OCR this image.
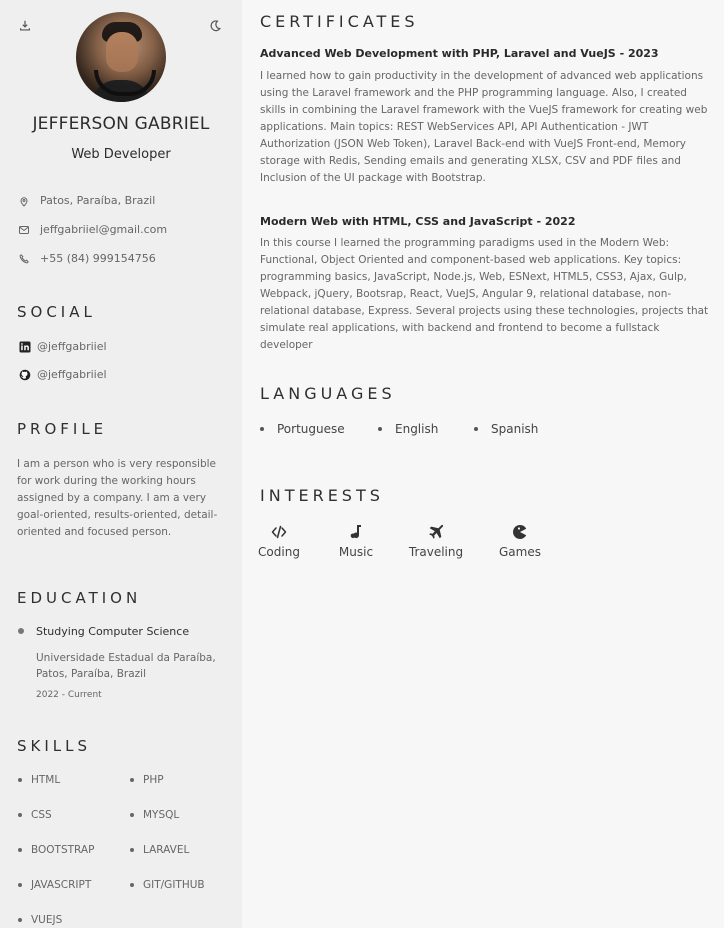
JEFFERSON GABRIEL
Web Developer
Patos, Paraíba, Brazil
jeffgabriiel@gmail.com
+55 (84) 999154756
SOCIAL
@jeffgabriiel
@jeffgabriiel
PROFILE
I am a person who is very responsible for work during the working hours assigned by a company. I am a very goal-oriented, results-oriented, detail-oriented and focused person.
EDUCATION
Studying Computer Science
Universidade Estadual da Paraíba, Patos, Paraíba, Brazil
2022 - Current
SKILLS
HTML	PHP
CSS	MYSQL
BOOTSTRAP	LARAVEL
JAVASCRIPT	GIT/GITHUB
VUEJS
CERTIFICATES
Advanced Web Development with PHP, Laravel and VueJS - 2023
I learned how to gain productivity in the development of advanced web applications using the Laravel framework and the PHP programming language. Also, I created skills in combining the Laravel framework with the VueJS framework for creating web applications. Main topics: REST WebServices API, API Authentication - JWT Authorization (JSON Web Token), Laravel Back-end with VueJS Front-end, Memory storage with Redis, Sending emails and generating XLSX, CSV and PDF files and Inclusion of the UI package with Bootstrap.
Modern Web with HTML, CSS and JavaScript - 2022
In this course I learned the programming paradigms used in the Modern Web: Functional, Object Oriented and component-based web applications. Key topics: programming basics, JavaScript, Node.js, Web, ESNext, HTML5, CSS3, Ajax, Gulp, Webpack, jQuery, Bootsrap, React, VueJS, Angular 9, relational database, non-relational database, Express. Several projects using these technologies, projects that simulate real applications, with backend and frontend to become a fullstack developer
LANGUAGES
Portuguese	English	Spanish
INTERESTS
Coding	Music	Traveling	Games
